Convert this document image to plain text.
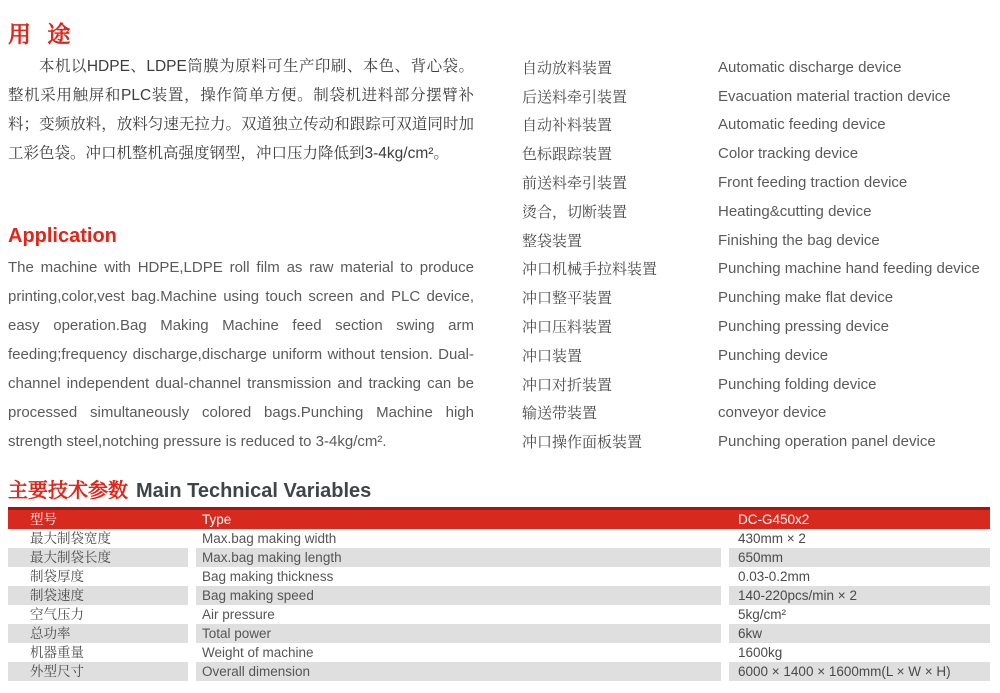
用 途
本机以HDPE、LDPE筒膜为原料可生产印刷、本色、背心袋。整机采用触屏和PLC装置，操作简单方便。制袋机进料部分摆臂补料；变频放料，放料匀速无拉力。双道独立传动和跟踪可双道同时加工彩色袋。冲口机整机高强度钢型，冲口压力降低到3-4kg/cm²。
Application
The machine with HDPE,LDPE roll film as raw material to produce printing,color,vest bag.Machine using touch screen and PLC device, easy operation.Bag Making Machine feed section swing arm feeding;frequency discharge,discharge uniform without tension. Dual-channel independent dual-channel transmission and tracking can be processed simultaneously colored bags.Punching Machine high strength steel,notching pressure is reduced to 3-4kg/cm².
自动放料装置	Automatic discharge device
后送料牵引装置	Evacuation material traction device
自动补料装置	Automatic feeding device
色标跟踪装置	Color tracking device
前送料牵引装置	Front feeding traction device
烫合，切断装置	Heating&cutting device
整袋装置	Finishing the bag device
冲口机械手拉料装置	Punching machine hand feeding device
冲口整平装置	Punching make flat device
冲口压料装置	Punching pressing device
冲口装置	Punching device
冲口对折装置	Punching folding device
输送带装置	conveyor device
冲口操作面板装置	Punching operation panel device
主要技术参数 Main Technical Variables
型号	Type	DC-G450x2
最大制袋宽度	Max.bag making width	430mm × 2
最大制袋长度	Max.bag making length	650mm
制袋厚度	Bag making thickness	0.03-0.2mm
制袋速度	Bag making speed	140-220pcs/min × 2
空气压力	Air pressure	5kg/cm²
总功率	Total power	6kw
机器重量	Weight of machine	1600kg
外型尺寸	Overall dimension	6000 × 1400 × 1600mm(L × W × H)
